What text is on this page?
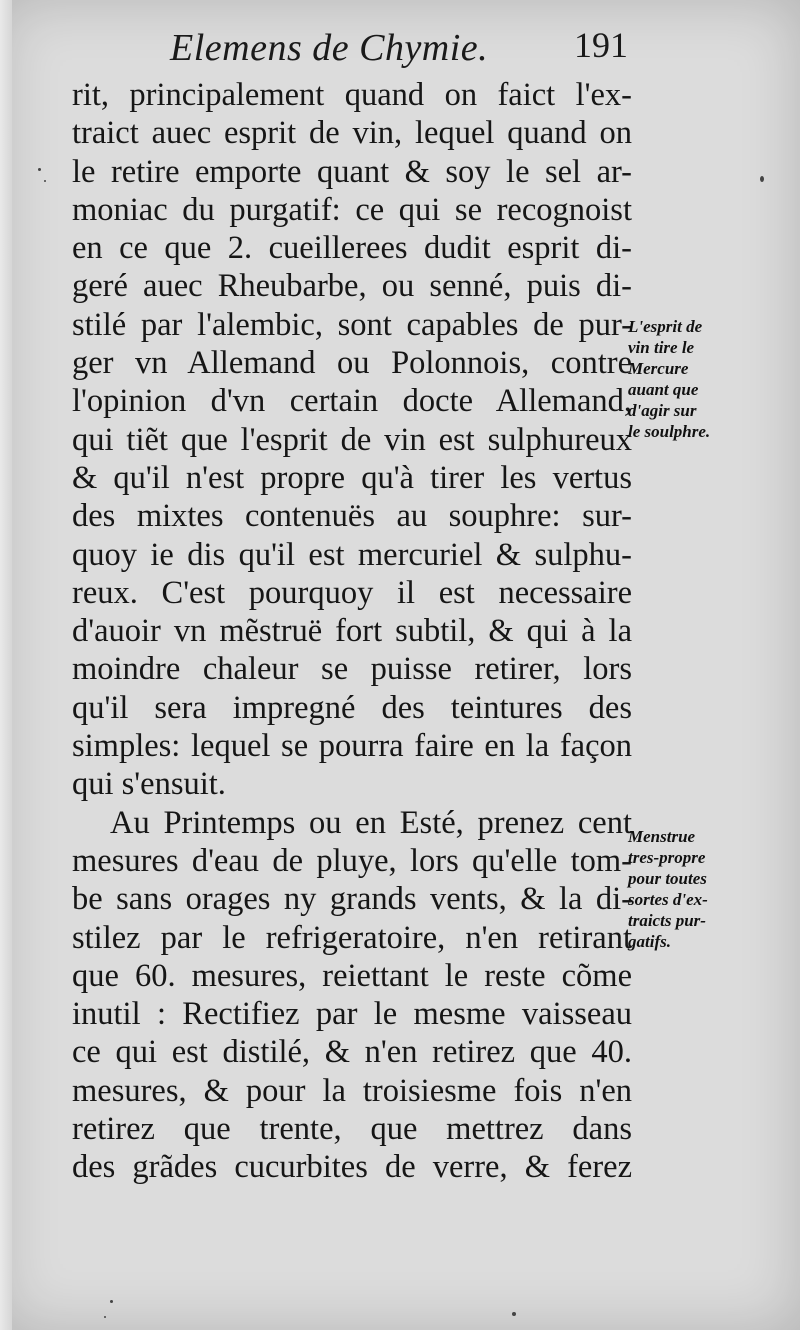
Elemens de Chymie. 191
rit, principalement quand on faict l'ex-
traict auec esprit de vin, lequel quand on
le retire emporte quant & soy le sel ar-
moniac du purgatif: ce qui se recognoist
en ce que 2. cueillerees dudit esprit di-
geré auec Rheubarbe, ou senné, puis di-
stilé par l'alembic, sont capables de pur-
ger vn Allemand ou Polonnois, contre
l'opinion d'vn certain docte Allemand,
qui tiẽt que l'esprit de vin est sulphureux
& qu'il n'est propre qu'à tirer les vertus
des mixtes contenuës au souphre: sur-
quoy ie dis qu'il est mercuriel & sulphu-
reux. C'est pourquoy il est necessaire
d'auoir vn mẽstruë fort subtil, & qui à la
moindre chaleur se puisse retirer, lors
qu'il sera impregné des teintures des
simples: lequel se pourra faire en la façon
qui s'ensuit.
Au Printemps ou en Esté, prenez cent
mesures d'eau de pluye, lors qu'elle tom-
be sans orages ny grands vents, & la di-
stilez par le refrigeratoire, n'en retirant
que 60. mesures, reiettant le reste cõme
inutil : Rectifiez par le mesme vaisseau
ce qui est distilé, & n'en retirez que 40.
mesures, & pour la troisiesme fois n'en
retirez que trente, que mettrez dans
des grãdes cucurbites de verre, & ferez
L'esprit de
vin tire le
Mercure
auant que
d'agir sur
le soulphre.
Menstrue
tres-propre
pour toutes
sortes d'ex-
traicts pur-
gatifs.
